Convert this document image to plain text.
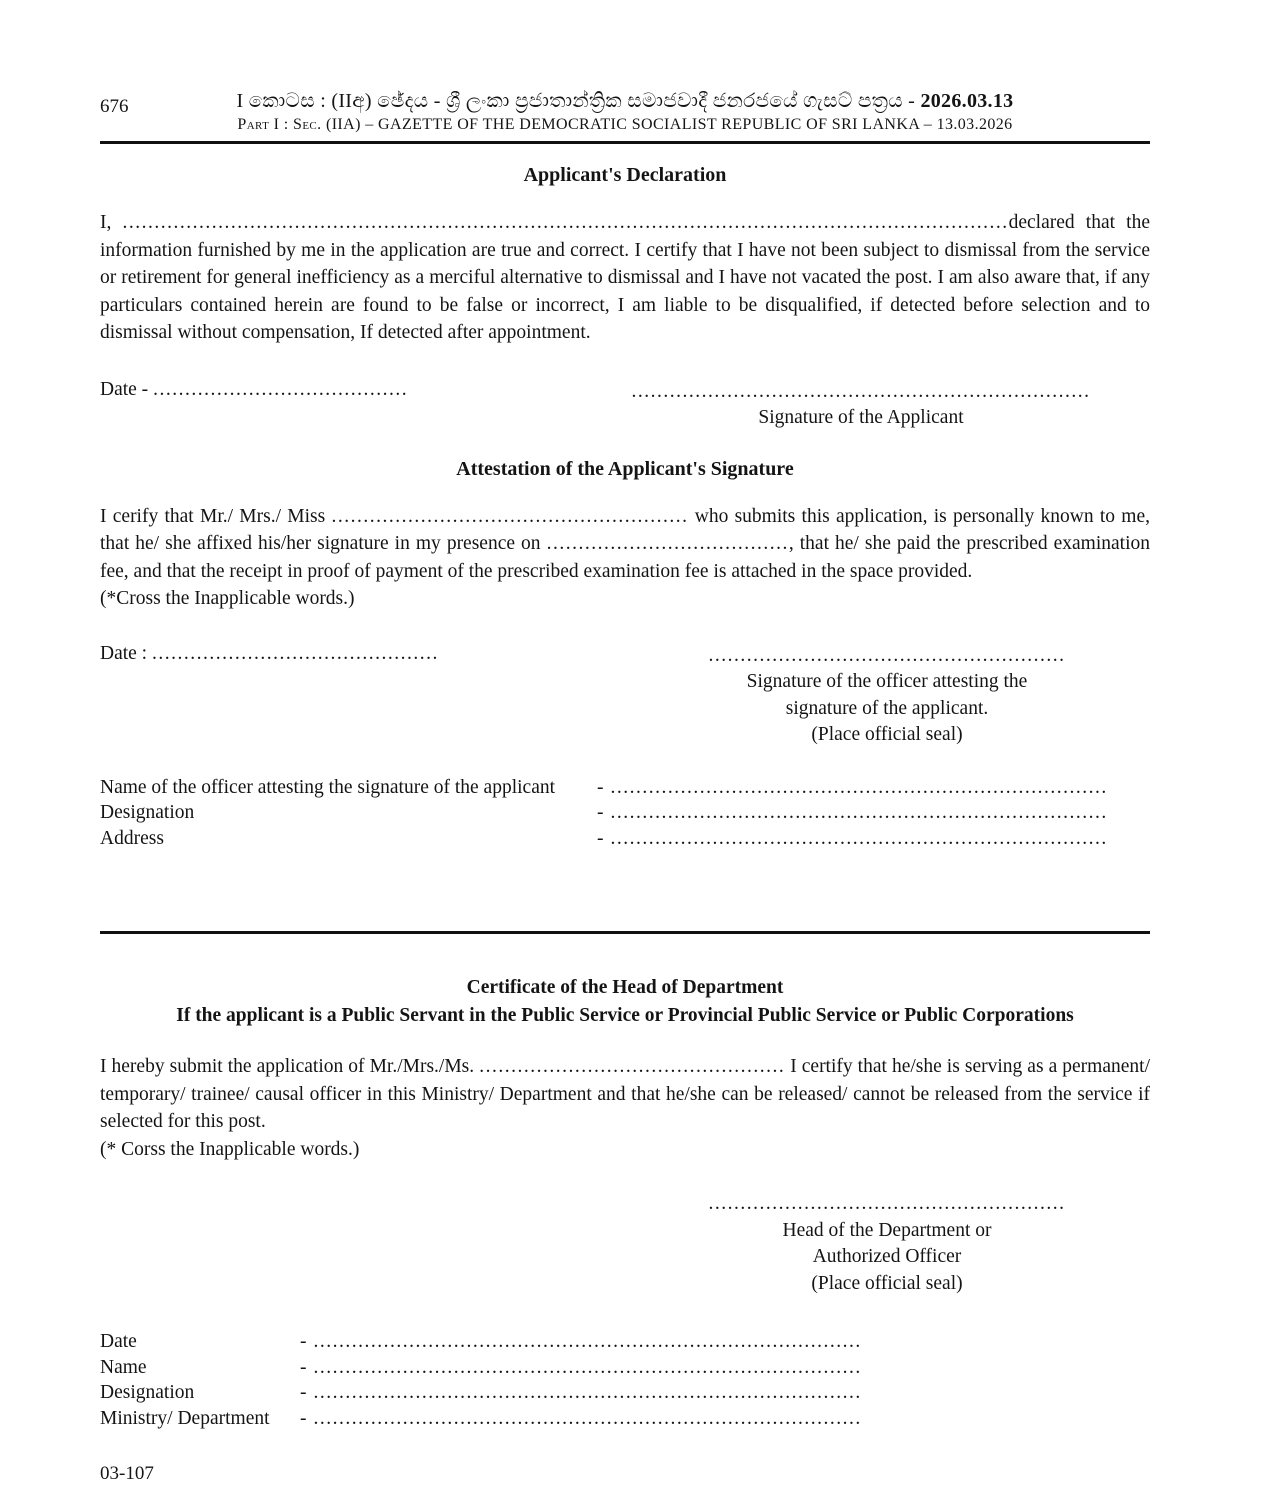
676	I කොටස : (IIඅ) ඡේදය - ශ්‍රී ලංකා ප්‍රජාතාන්ත්‍රික සමාජවාදී ජනරජයේ ගැසට් පත්‍රය - 2026.03.13
Part I : Sec. (IIA) – GAZETTE OF THE DEMOCRATIC SOCIALIST REPUBLIC OF SRI LANKA – 13.03.2026
Applicant's Declaration
I, ...........................................................................................................................................declared that the information furnished by me in the application are true and correct. I certify that I have not been subject to dismissal from the service or retirement for general inefficiency as a merciful alternative to dismissal and I have not vacated the post. I am also aware that, if any particulars contained herein are found to be false or incorrect, I am liable to be disqualified, if detected before selection and to dismissal without compensation, If detected after appointment.
Date - ........................................	........................................................................
Signature of the Applicant
Attestation of the Applicant's Signature
I cerify that Mr./ Mrs./ Miss ........................................................ who submits this application, is personally known to me, that he/ she affixed his/her signature in my presence on ......................................, that he/ she paid the prescribed examination fee, and that the receipt in proof of payment of the prescribed examination fee is attached in the space provided.
(*Cross the Inapplicable words.)
Date : .............................................	........................................................
Signature of the officer attesting the
signature of the applicant.
(Place official seal)
Name of the officer attesting the signature of the applicant	- ..............................................................................
Designation	- ..............................................................................
Address	- ..............................................................................
Certificate of the Head of Department
If the applicant is a Public Servant in the Public Service or Provincial Public Service or Public Corporations
I hereby submit the application of Mr./Mrs./Ms. ................................................ I certify that he/she is serving as a permanent/ temporary/ trainee/ causal officer in this Ministry/ Department and that he/she can be released/ cannot be released from the service if selected for this post.
(* Corss the Inapplicable words.)
........................................................
Head of the Department or
Authorized Officer
(Place official seal)
Date	- ......................................................................................
Name	- ......................................................................................
Designation	- ......................................................................................
Ministry/ Department	- ......................................................................................
03-107
